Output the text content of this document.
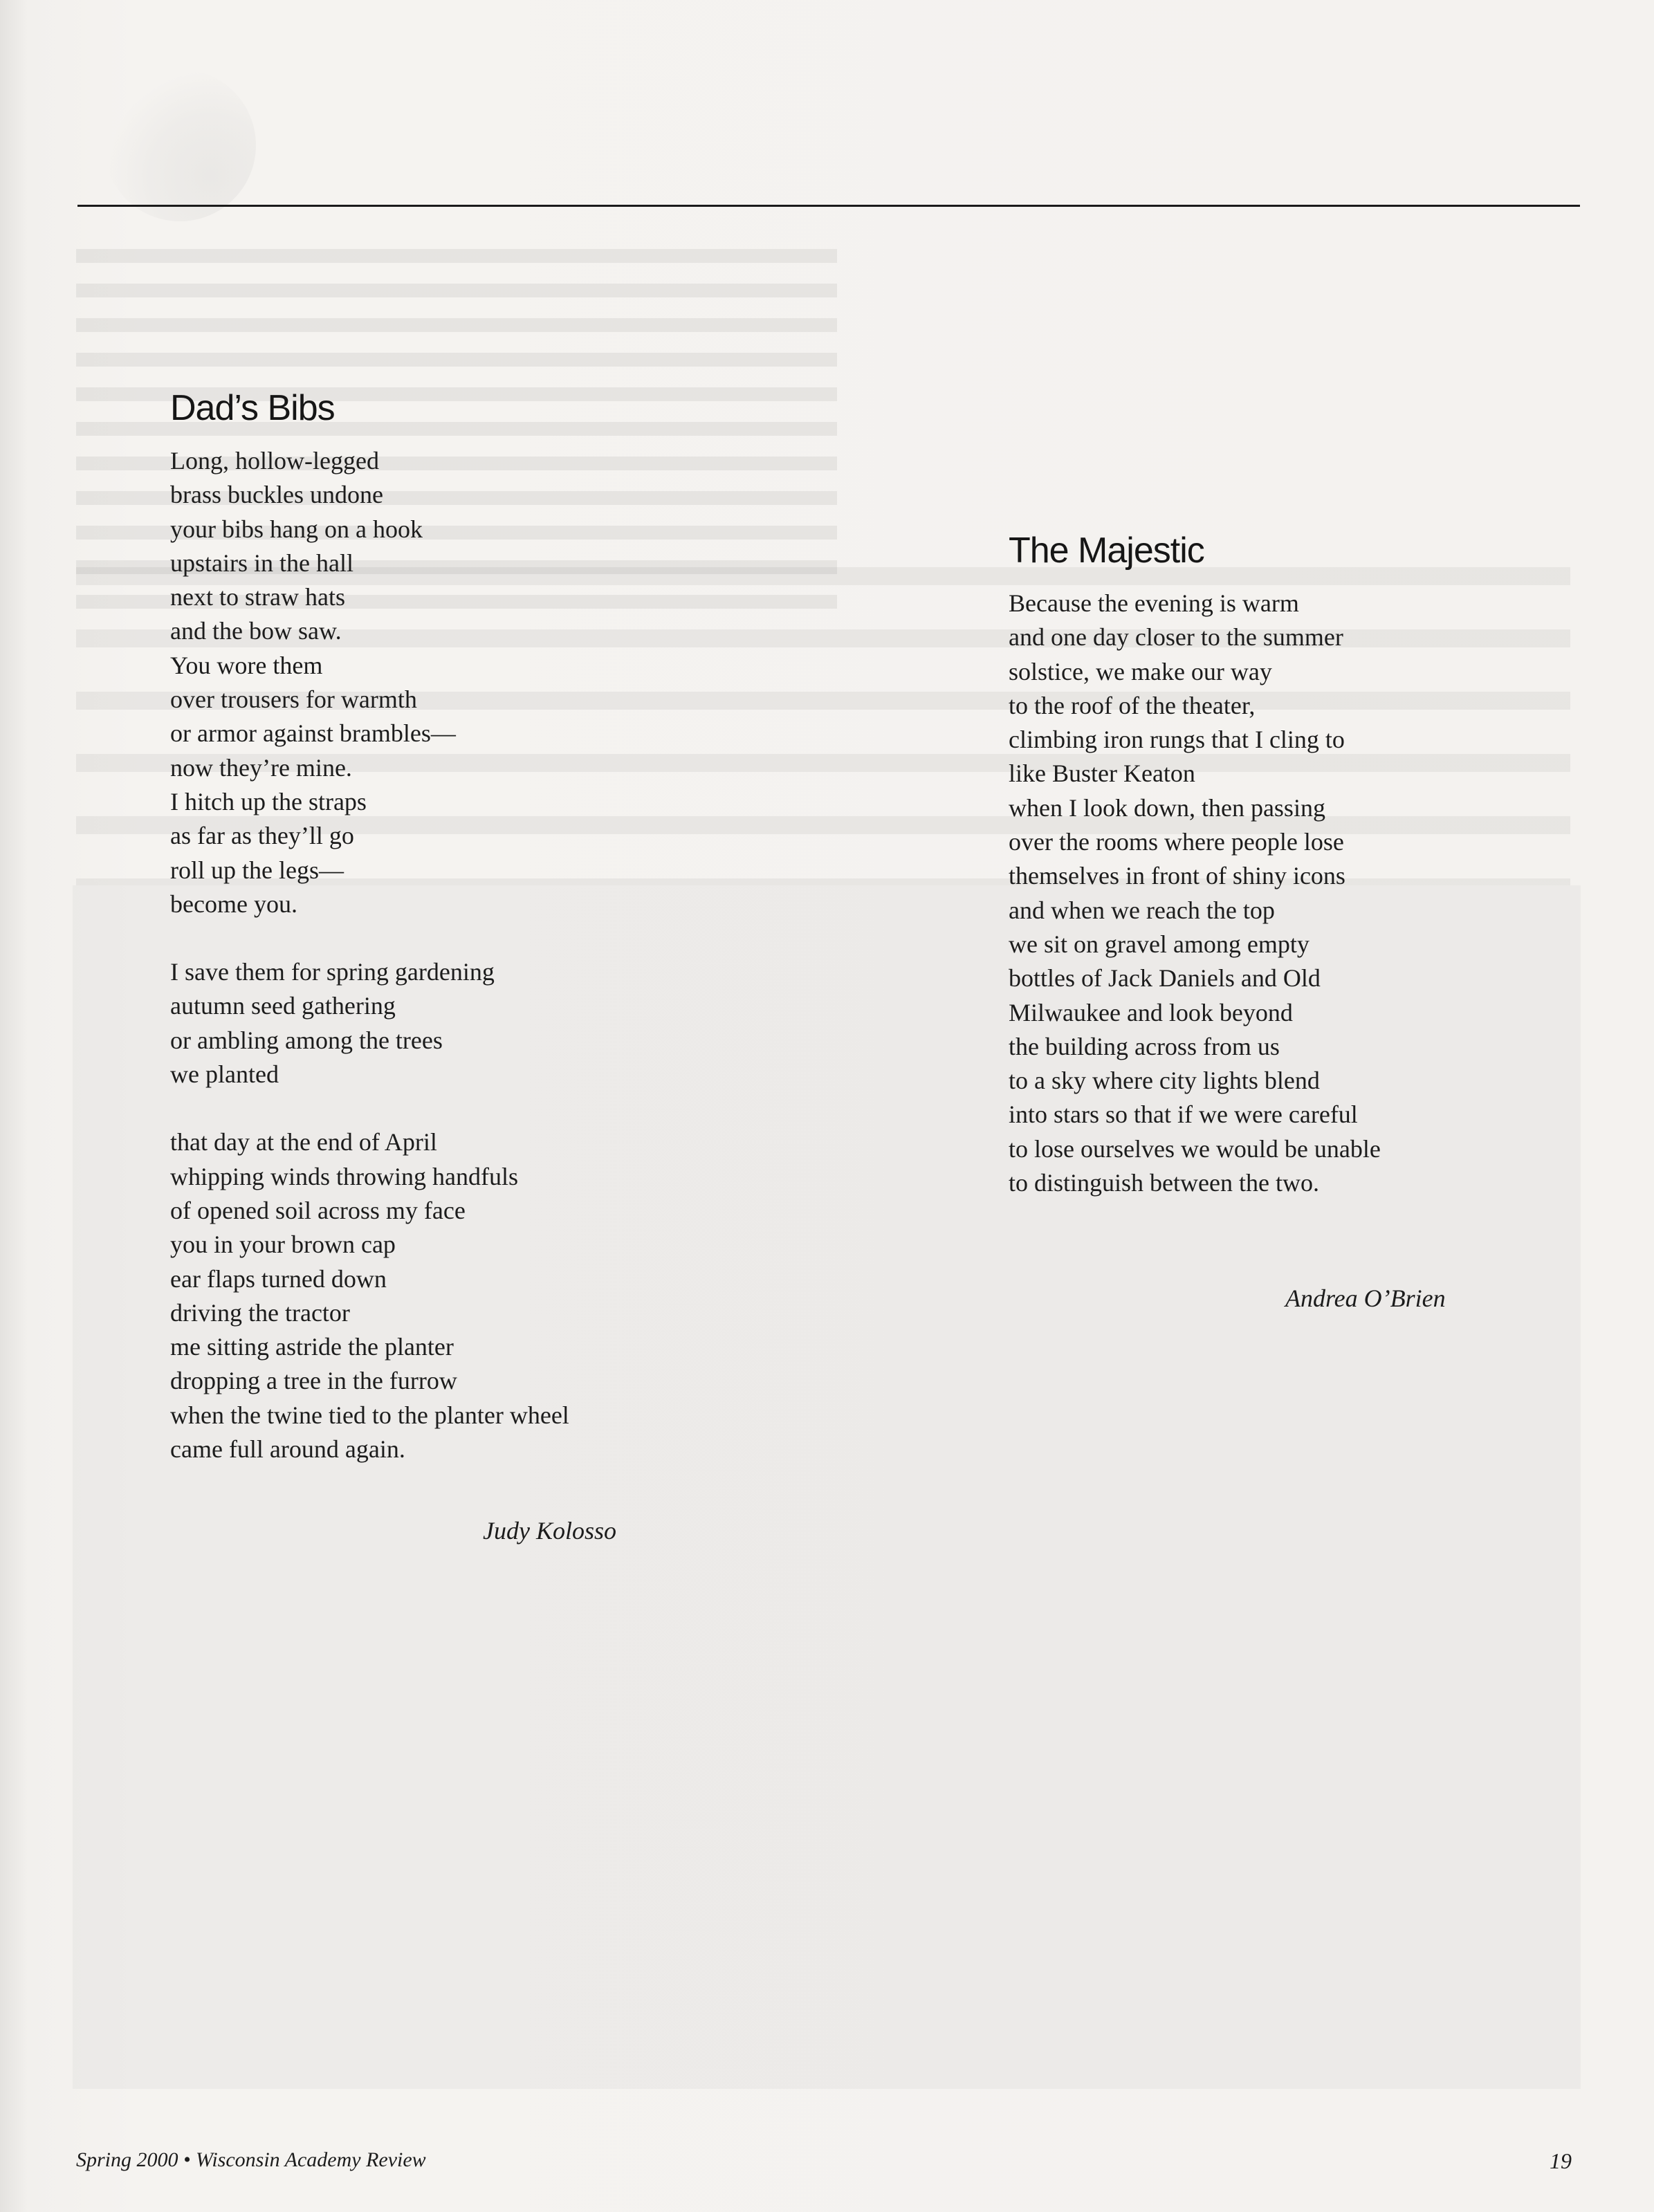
Dad’s Bibs
Long, hollow-legged
brass buckles undone
your bibs hang on a hook
upstairs in the hall
next to straw hats
and the bow saw.
You wore them
over trousers for warmth
or armor against brambles—
now they’re mine.
I hitch up the straps
as far as they’ll go
roll up the legs—
become you.
I save them for spring gardening
autumn seed gathering
or ambling among the trees
we planted
that day at the end of April
whipping winds throwing handfuls
of opened soil across my face
you in your brown cap
ear flaps turned down
driving the tractor
me sitting astride the planter
dropping a tree in the furrow
when the twine tied to the planter wheel
came full around again.
Judy Kolosso
The Majestic
Because the evening is warm
and one day closer to the summer
solstice, we make our way
to the roof of the theater,
climbing iron rungs that I cling to
like Buster Keaton
when I look down, then passing
over the rooms where people lose
themselves in front of shiny icons
and when we reach the top
we sit on gravel among empty
bottles of Jack Daniels and Old
Milwaukee and look beyond
the building across from us
to a sky where city lights blend
into stars so that if we were careful
to lose ourselves we would be unable
to distinguish between the two.
Andrea O’Brien
Spring 2000 • Wisconsin Academy Review	19
